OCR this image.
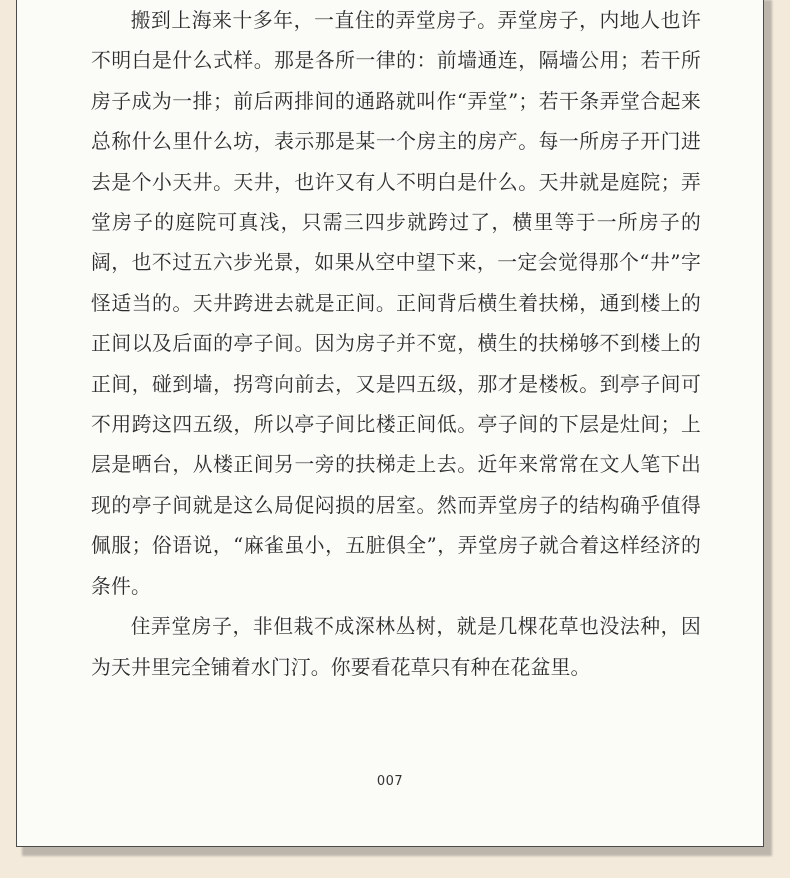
搬到上海来十多年，一直住的弄堂房子。弄堂房子，内地人也许不明白是什么式样。那是各所一律的：前墙通连，隔墙公用；若干所房子成为一排；前后两排间的通路就叫作“弄堂”；若干条弄堂合起来总称什么里什么坊，表示那是某一个房主的房产。每一所房子开门进去是个小天井。天井，也许又有人不明白是什么。天井就是庭院；弄堂房子的庭院可真浅，只需三四步就跨过了，横里等于一所房子的阔，也不过五六步光景，如果从空中望下来，一定会觉得那个“井”字怪适当的。天井跨进去就是正间。正间背后横生着扶梯，通到楼上的正间以及后面的亭子间。因为房子并不宽，横生的扶梯够不到楼上的正间，碰到墙，拐弯向前去，又是四五级，那才是楼板。到亭子间可不用跨这四五级，所以亭子间比楼正间低。亭子间的下层是灶间；上层是晒台，从楼正间另一旁的扶梯走上去。近年来常常在文人笔下出现的亭子间就是这么局促闷损的居室。然而弄堂房子的结构确乎值得佩服；俗语说，“麻雀虽小，五脏俱全”，弄堂房子就合着这样经济的条件。

住弄堂房子，非但栽不成深林丛树，就是几棵花草也没法种，因为天井里完全铺着水门汀。你要看花草只有种在花盆里。

007
